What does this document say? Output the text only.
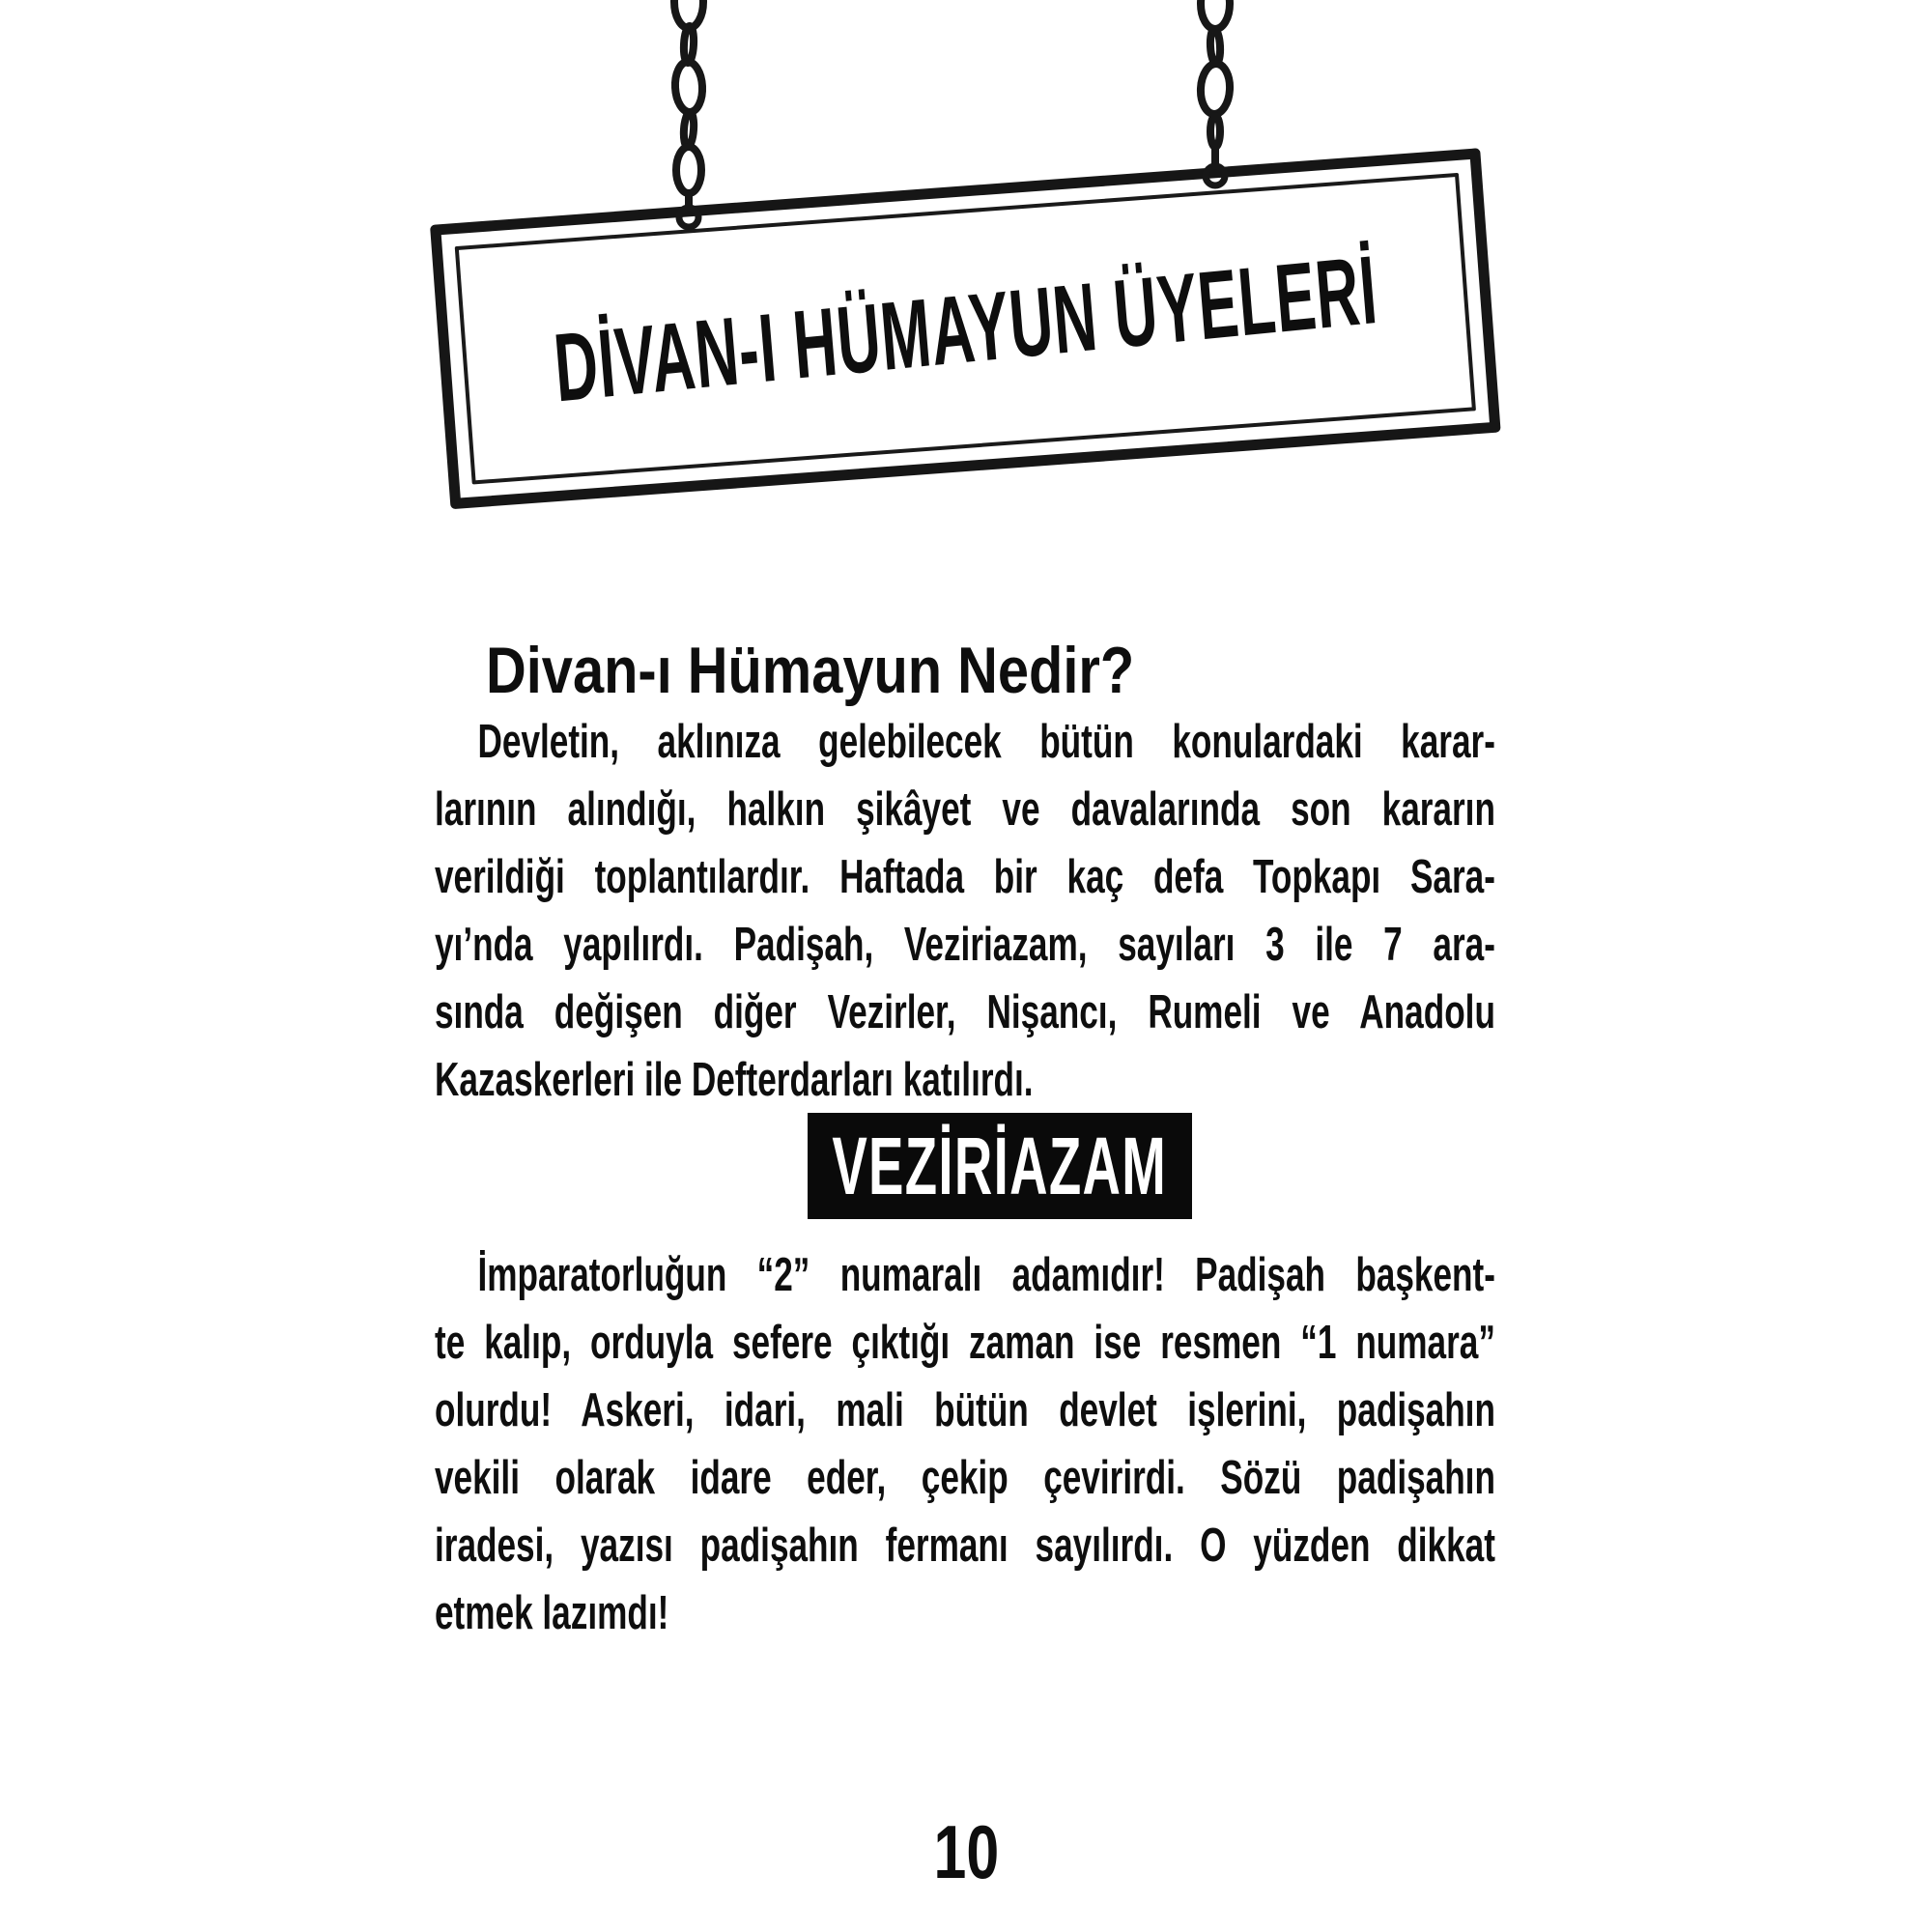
DİVAN-I HÜMAYUN ÜYELERİ
Divan-ı Hümayun Nedir?
Devletin, aklınıza gelebilecek bütün konulardaki karar-
larının alındığı, halkın şikâyet ve davalarında son kararın
verildiği toplantılardır. Haftada bir kaç defa Topkapı Sara-
yı’nda yapılırdı. Padişah, Veziriazam, sayıları 3 ile 7 ara-
sında değişen diğer Vezirler, Nişancı, Rumeli ve Anadolu
Kazaskerleri ile Defterdarları katılırdı.
VEZİRİAZAM
İmparatorluğun “2” numaralı adamıdır! Padişah başkent-
te kalıp, orduyla sefere çıktığı zaman ise resmen “1 numara”
olurdu! Askeri, idari, mali bütün devlet işlerini, padişahın
vekili olarak idare eder, çekip çevirirdi. Sözü padişahın
iradesi, yazısı padişahın fermanı sayılırdı. O yüzden dikkat
etmek lazımdı!
10
